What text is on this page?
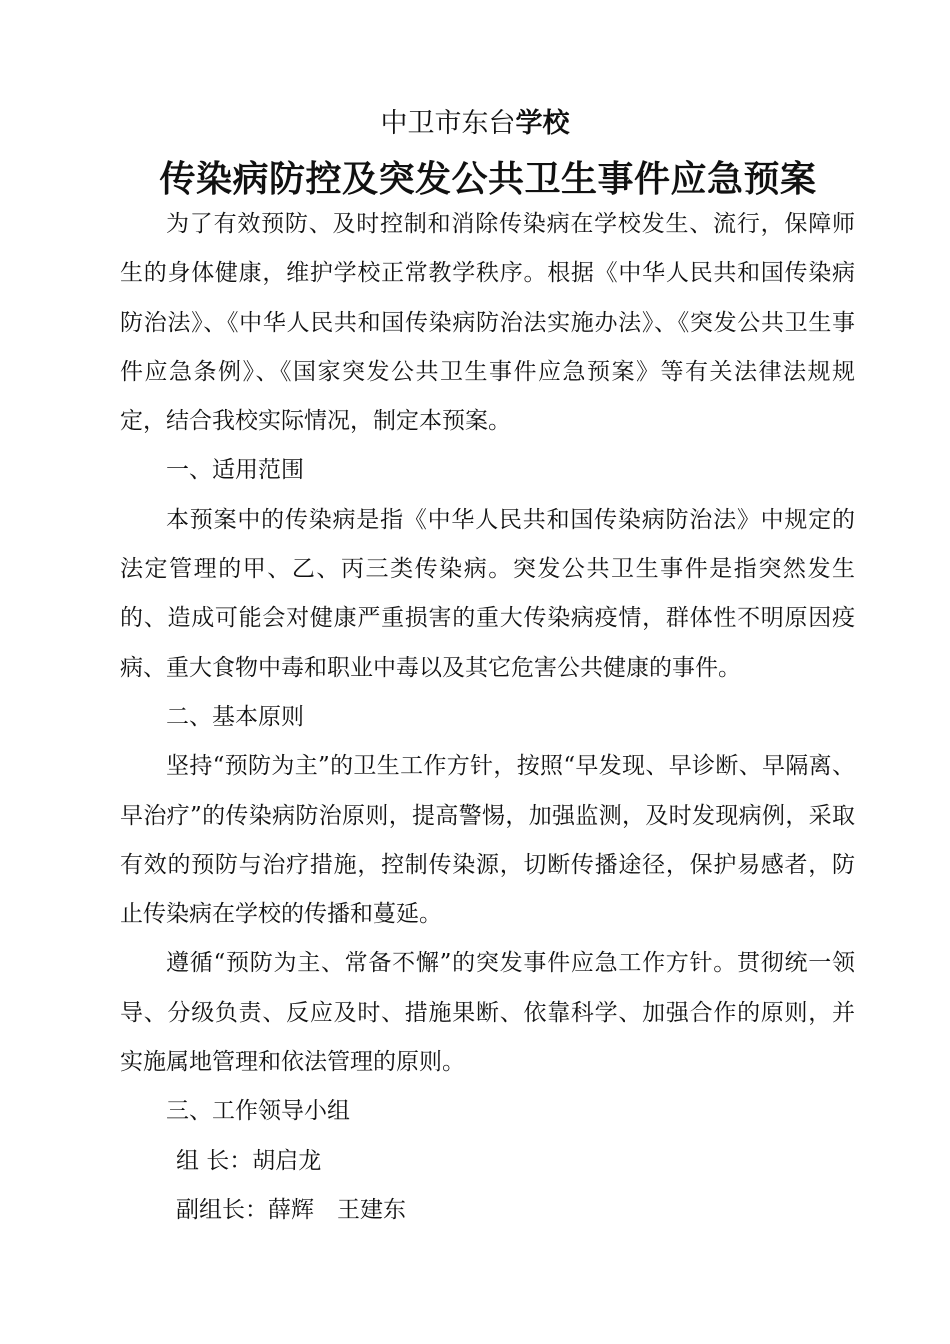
中卫市东台学校
传染病防控及突发公共卫生事件应急预案

为了有效预防、及时控制和消除传染病在学校发生、流行，保障师生的身体健康，维护学校正常教学秩序。根据《中华人民共和国传染病防治法》、《中华人民共和国传染病防治法实施办法》、《突发公共卫生事件应急条例》、《国家突发公共卫生事件应急预案》等有关法律法规规定，结合我校实际情况，制定本预案。

一、适用范围

本预案中的传染病是指《中华人民共和国传染病防治法》中规定的法定管理的甲、乙、丙三类传染病。突发公共卫生事件是指突然发生的、造成可能会对健康严重损害的重大传染病疫情，群体性不明原因疫病、重大食物中毒和职业中毒以及其它危害公共健康的事件。

二、基本原则

坚持“预防为主”的卫生工作方针，按照“早发现、早诊断、早隔离、早治疗”的传染病防治原则，提高警惕，加强监测，及时发现病例，采取有效的预防与治疗措施，控制传染源，切断传播途径，保护易感者，防止传染病在学校的传播和蔓延。

遵循“预防为主、常备不懈”的突发事件应急工作方针。贯彻统一领导、分级负责、反应及时、措施果断、依靠科学、加强合作的原则，并实施属地管理和依法管理的原则。

三、工作领导小组

组 长：胡启龙

副组长：薛辉　王建东
